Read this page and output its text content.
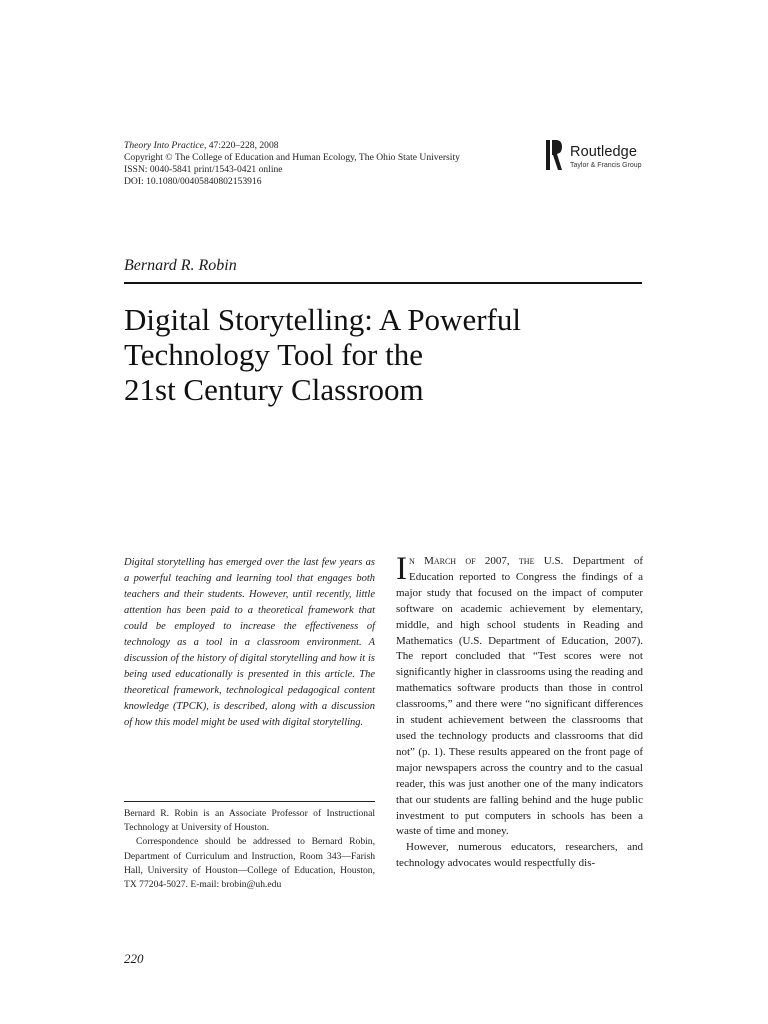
Theory Into Practice, 47:220–228, 2008
Copyright © The College of Education and Human Ecology, The Ohio State University
ISSN: 0040-5841 print/1543-0421 online
DOI: 10.1080/00405840802153916
Routledge
Taylor & Francis Group
Bernard R. Robin
Digital Storytelling: A Powerful
Technology Tool for the
21st Century Classroom
Digital storytelling has emerged over the last few years as a powerful teaching and learning tool that engages both teachers and their students. However, until recently, little attention has been paid to a theoretical framework that could be employed to increase the effectiveness of technology as a tool in a classroom environment. A discussion of the history of digital storytelling and how it is being used educationally is presented in this article. The theoretical framework, technological pedagogical content knowledge (TPCK), is described, along with a discussion of how this model might be used with digital storytelling.

Bernard R. Robin is an Associate Professor of Instructional Technology at University of Houston.

Correspondence should be addressed to Bernard Robin, Department of Curriculum and Instruction, Room 343—Farish Hall, University of Houston—College of Education, Houston, TX 77204-5027. E-mail: brobin@uh.edu

In March of 2007, the U.S. Department of Education reported to Congress the findings of a major study that focused on the impact of computer software on academic achievement by elementary, middle, and high school students in Reading and Mathematics (U.S. Department of Education, 2007). The report concluded that “Test scores were not significantly higher in classrooms using the reading and mathematics software products than those in control classrooms,” and there were “no significant differences in student achievement between the classrooms that used the technology products and classrooms that did not” (p. 1). These results appeared on the front page of major newspapers across the country and to the casual reader, this was just another one of the many indicators that our students are falling behind and the huge public investment to put computers in schools has been a waste of time and money.

However, numerous educators, researchers, and technology advocates would respectfully dis-

220
